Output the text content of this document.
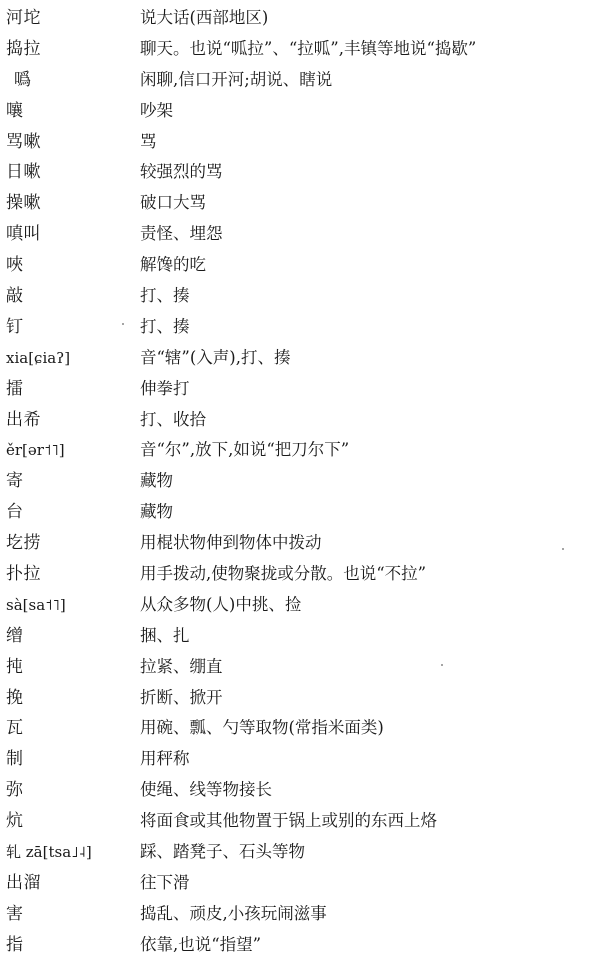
河坨	说大话(西部地区)
捣拉	聊天。也说“呱拉”、“拉呱”,丰镇等地说“捣歇”
噅	闲聊,信口开河;胡说、瞎说
嚷	吵架
骂嗽	骂
日嗽	较强烈的骂
操嗽	破口大骂
嗔叫	责怪、埋怨
唊	解馋的吃
敲	打、揍
钉	打、揍
xia[ɕiaʔ]	音“辖”(入声),打、揍
擂	伸拳打
出希	打、收拾
ěr[ər˦˥]	音“尔”,放下,如说“把刀尔下”
寄	藏物
台	藏物
圪捞	用棍状物伸到物体中拨动
扑拉	用手拨动,使物聚拢或分散。也说“不拉”
sà[sa˦˥]	从众多物(人)中挑、捡
缯	捆、扎
扽	拉紧、绷直
挽	折断、掀开
瓦	用碗、瓢、勺等取物(常指米面类)
制	用秤称
弥	使绳、线等物接长
炕	将面食或其他物置于锅上或别的东西上烙
轧 zā[tsa˩˨]	踩、踏凳子、石头等物
出溜	往下滑
害	捣乱、顽皮,小孩玩闹滋事
指	依靠,也说“指望”
